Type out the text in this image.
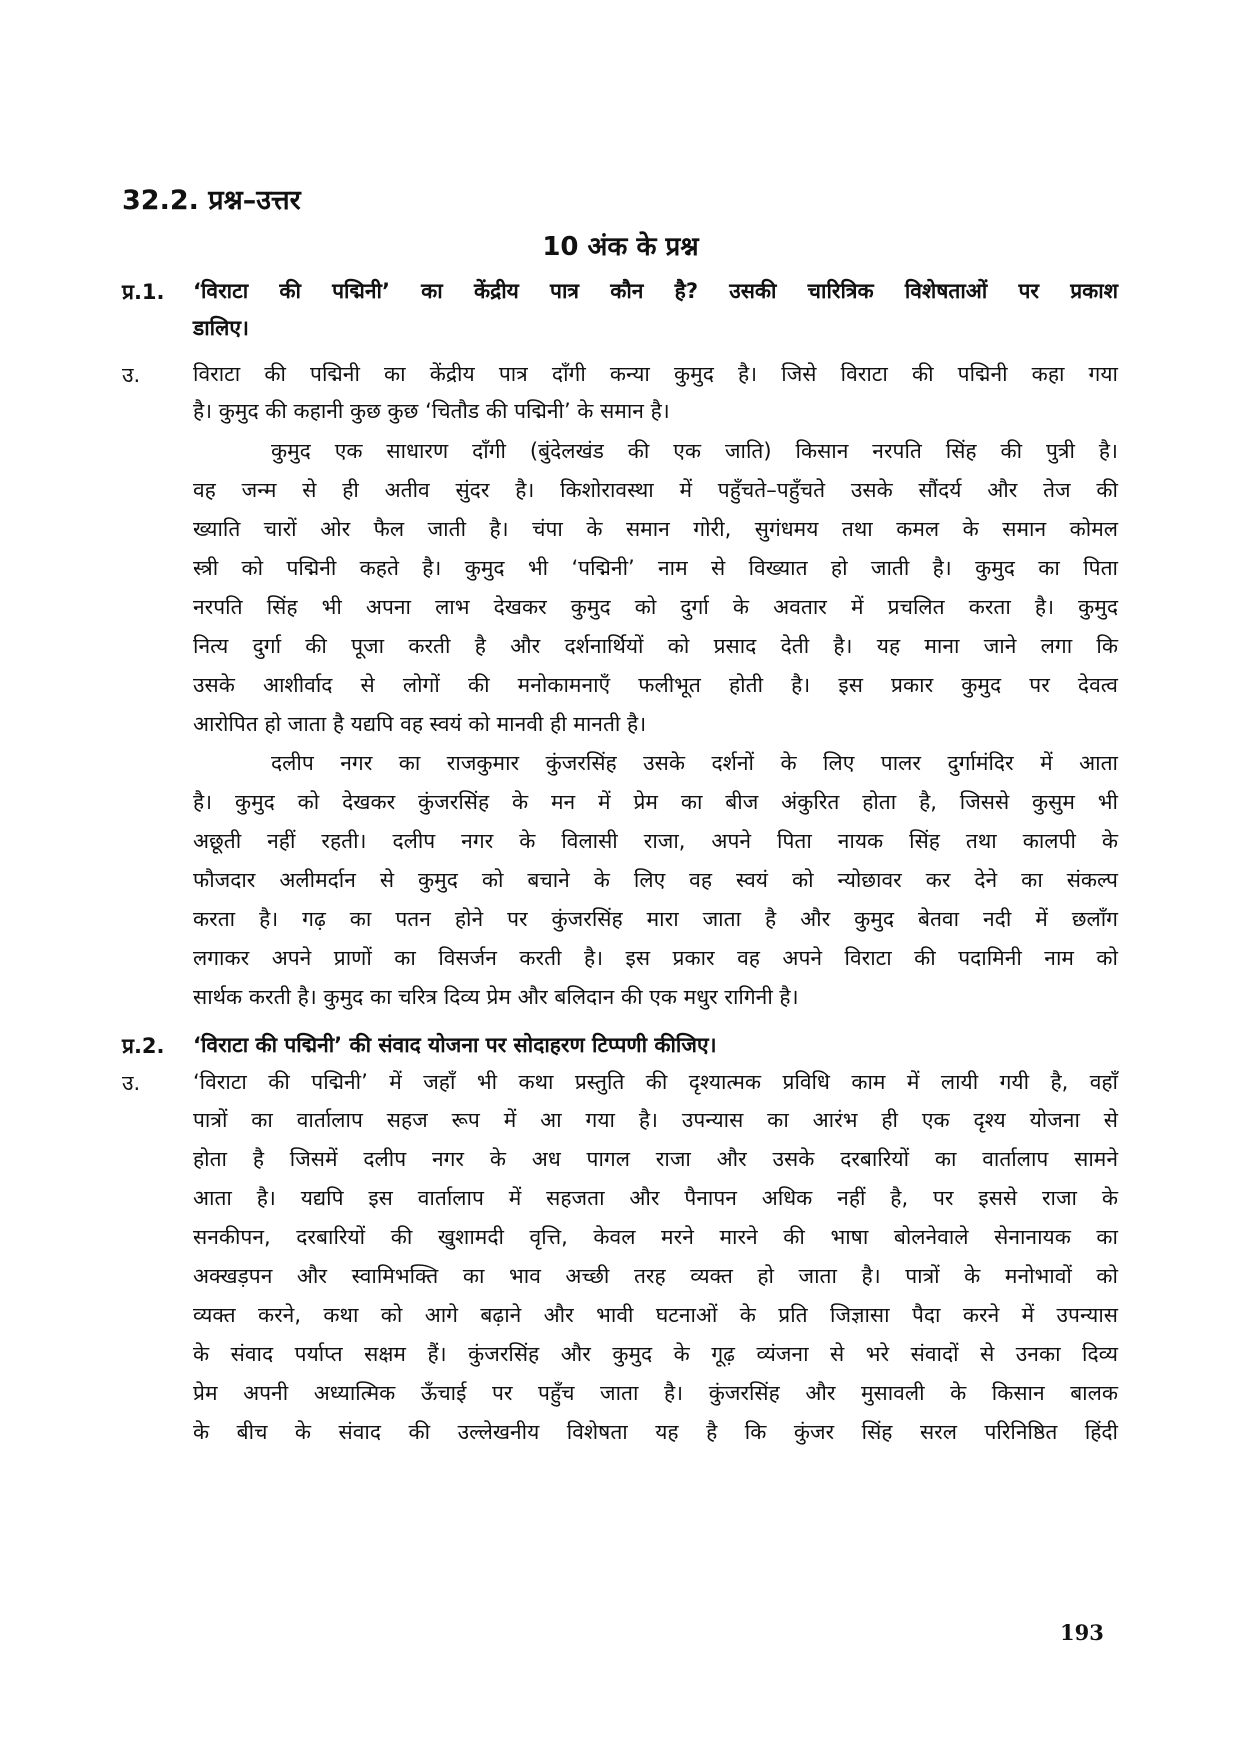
32.2. प्रश्न–उत्तर
10 अंक के प्रश्न
प्र.1.	‘विराटा की पद्मिनी’ का केंद्रीय पात्र कौन है? उसकी चारित्रिक विशेषताओं पर प्रकाश
डालिए।
उ.	विराटा की पद्मिनी का केंद्रीय पात्र दाँगी कन्या कुमुद है। जिसे विराटा की पद्मिनी कहा गया
है। कुमुद की कहानी कुछ कुछ ‘चितौड की पद्मिनी’ के समान है।
कुमुद एक साधारण दाँगी (बुंदेलखंड की एक जाति) किसान नरपति सिंह की पुत्री है।
वह जन्म से ही अतीव सुंदर है। किशोरावस्था में पहुँचते–पहुँचते उसके सौंदर्य और तेज की
ख्याति चारों ओर फैल जाती है। चंपा के समान गोरी, सुगंधमय तथा कमल के समान कोमल
स्त्री को पद्मिनी कहते है। कुमुद भी ‘पद्मिनी’ नाम से विख्यात हो जाती है। कुमुद का पिता
नरपति सिंह भी अपना लाभ देखकर कुमुद को दुर्गा के अवतार में प्रचलित करता है। कुमुद
नित्य दुर्गा की पूजा करती है और दर्शनार्थियों को प्रसाद देती है। यह माना जाने लगा कि
उसके आशीर्वाद से लोगों की मनोकामनाएँ फलीभूत होती है। इस प्रकार कुमुद पर देवत्व
आरोपित हो जाता है यद्यपि वह स्वयं को मानवी ही मानती है।
दलीप नगर का राजकुमार कुंजरसिंह उसके दर्शनों के लिए पालर दुर्गामंदिर में आता
है। कुमुद को देखकर कुंजरसिंह के मन में प्रेम का बीज अंकुरित होता है, जिससे कुसुम भी
अछूती नहीं रहती। दलीप नगर के विलासी राजा, अपने पिता नायक सिंह तथा कालपी के
फौजदार अलीमर्दान से कुमुद को बचाने के लिए वह स्वयं को न्योछावर कर देने का संकल्प
करता है। गढ़ का पतन होने पर कुंजरसिंह मारा जाता है और कुमुद बेतवा नदी में छलाँग
लगाकर अपने प्राणों का विसर्जन करती है। इस प्रकार वह अपने विराटा की पदामिनी नाम को
सार्थक करती है। कुमुद का चरित्र दिव्य प्रेम और बलिदान की एक मधुर रागिनी है।
प्र.2.	‘विराटा की पद्मिनी’ की संवाद योजना पर सोदाहरण टिप्पणी कीजिए।
उ.	‘विराटा की पद्मिनी’ में जहाँ भी कथा प्रस्तुति की दृश्यात्मक प्रविधि काम में लायी गयी है, वहाँ
पात्रों का वार्तालाप सहज रूप में आ गया है। उपन्यास का आरंभ ही एक दृश्य योजना से
होता है जिसमें दलीप नगर के अध पागल राजा और उसके दरबारियों का वार्तालाप सामने
आता है। यद्यपि इस वार्तालाप में सहजता और पैनापन अधिक नहीं है, पर इससे राजा के
सनकीपन, दरबारियों की खुशामदी वृत्ति, केवल मरने मारने की भाषा बोलनेवाले सेनानायक का
अक्खड़पन और स्वामिभक्ति का भाव अच्छी तरह व्यक्त हो जाता है। पात्रों के मनोभावों को
व्यक्त करने, कथा को आगे बढ़ाने और भावी घटनाओं के प्रति जिज्ञासा पैदा करने में उपन्यास
के संवाद पर्याप्त सक्षम हैं। कुंजरसिंह और कुमुद के गूढ़ व्यंजना से भरे संवादों से उनका दिव्य
प्रेम अपनी अध्यात्मिक ऊँचाई पर पहुँच जाता है। कुंजरसिंह और मुसावली के किसान बालक
के बीच के संवाद की उल्लेखनीय विशेषता यह है कि कुंजर सिंह सरल परिनिष्ठित हिंदी
193
